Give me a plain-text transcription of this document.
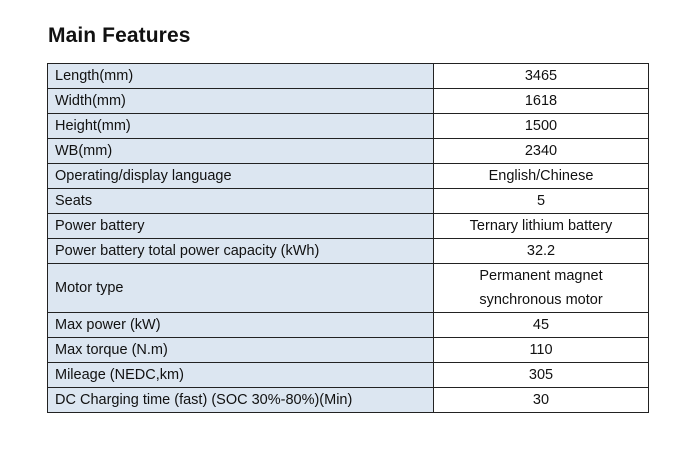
Main Features
Length(mm)	3465
Width(mm)	1618
Height(mm)	1500
WB(mm)	2340
Operating/display language	English/Chinese
Seats	5
Power battery	Ternary lithium battery
Power battery total power capacity (kWh)	32.2
Motor type	Permanent magnet
synchronous motor

Max power (kW)	45
Max torque (N.m)	110
Mileage (NEDC,km)	305
DC Charging time (fast) (SOC 30%-80%)(Min)	30
